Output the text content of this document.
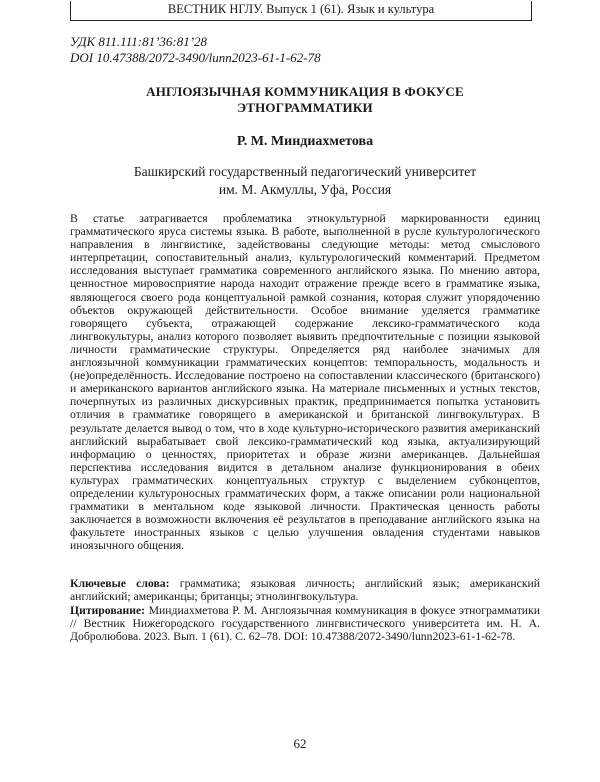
ВЕСТНИК НГЛУ. Выпуск 1 (61). Язык и культура
УДК 811.111:81’36:81’28
DOI 10.47388/2072-3490/lunn2023-61-1-62-78
АНГЛОЯЗЫЧНАЯ КОММУНИКАЦИЯ В ФОКУСЕ
ЭТНОГРАММАТИКИ
Р. М. Миндиахметова
Башкирский государственный педагогический университет
им. М. Акмуллы, Уфа, Россия

В статье затрагивается проблематика этнокультурной маркированности единиц грамматического яруса системы языка. В работе, выполненной в русле культурологического направления в лингвистике, задействованы следующие методы: метод смыслового интерпретации, сопоставительный анализ, культурологический комментарий. Предметом исследования выступает грамматика современного английского языка. По мнению автора, ценностное мировосприятие народа находит отражение прежде всего в грамматике языка, являющегося своего рода концептуальной рамкой сознания, которая служит упорядочению объектов окружающей действительности. Особое внимание уделяется грамматике говорящего субъекта, отражающей содержание лексико-грамматического кода лингвокультуры, анализ которого позволяет выявить предпочтительные с позиции языковой личности грамматические структуры. Определяется ряд наиболее значимых для англоязычной коммуникации грамматических концептов: темпоральность, модальность и (не)определённость. Исследование построено на сопоставлении классического (британского) и американского вариантов английского языка. На материале письменных и устных текстов, почерпнутых из различных дискурсивных практик, предпринимается попытка установить отличия в грамматике говорящего в американской и британской лингвокультурах. В результате делается вывод о том, что в ходе культурно-исторического развития американский английский вырабатывает свой лексико-грамматический код языка, актуализирующий информацию о ценностях, приоритетах и образе жизни американцев. Дальнейшая перспектива исследования видится в детальном анализе функционирования в обеих культурах грамматических концептуальных структур с выделением субконцептов, определении культуроносных грамматических форм, а также описании роли национальной грамматики в ментальном коде языковой личности. Практическая ценность работы заключается в возможности включения её результатов в преподавание английского языка на факультете иностранных языков с целью улучшения овладения студентами навыков иноязычного общения.

Ключевые слова: грамматика; языковая личность; английский язык; американский английский; американцы; британцы; этнолингвокультура.
Цитирование: Миндиахметова Р. М. Англоязычная коммуникация в фокусе этнограмматики // Вестник Нижегородского государственного лингвистического университета им. Н. А. Добролюбова. 2023. Вып. 1 (61). С. 62–78. DOI: 10.47388/2072-3490/lunn2023-61-1-62-78.
62
